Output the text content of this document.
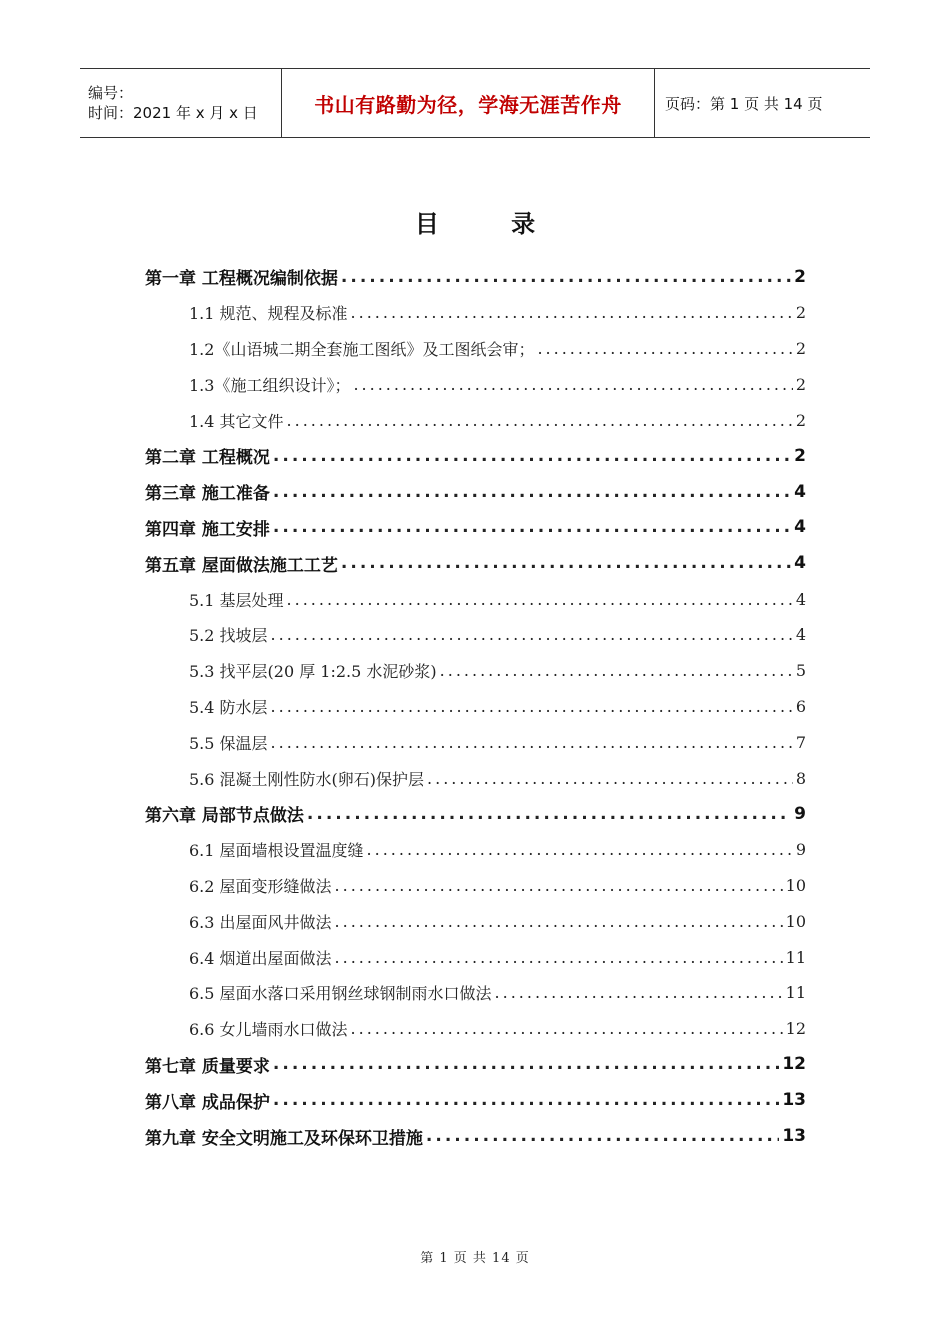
编号：
时间：2021 年 x 月 x 日	书山有路勤为径，学海无涯苦作舟	页码：第 1 页 共 14 页
目 录
第一章 工程概况编制依据 .....	2
1.1 规范、规程及标准 .....	2
1.2《山语城二期全套施工图纸》及工图纸会审； .....	2
1.3《施工组织设计》； .....	2
1.4 其它文件 .....	2
第二章 工程概况 .....	2
第三章 施工准备 .....	4
第四章 施工安排 .....	4
第五章 屋面做法施工工艺 .....	4
5.1 基层处理 .....	4
5.2 找坡层 .....	4
5.3 找平层(20 厚 1:2.5 水泥砂浆) .....	5
5.4 防水层 .....	6
5.5 保温层 .....	7
5.6 混凝土刚性防水(卵石)保护层 .....	8
第六章 局部节点做法 .....	9
6.1 屋面墙根设置温度缝 .....	9
6.2 屋面变形缝做法 .....	10
6.3 出屋面风井做法 .....	10
6.4 烟道出屋面做法 .....	11
6.5 屋面水落口采用钢丝球钢制雨水口做法 .....	11
6.6 女儿墙雨水口做法 .....	12
第七章 质量要求 .....	12
第八章 成品保护 .....	13
第九章 安全文明施工及环保环卫措施 .....	13
第 1 页 共 14 页
